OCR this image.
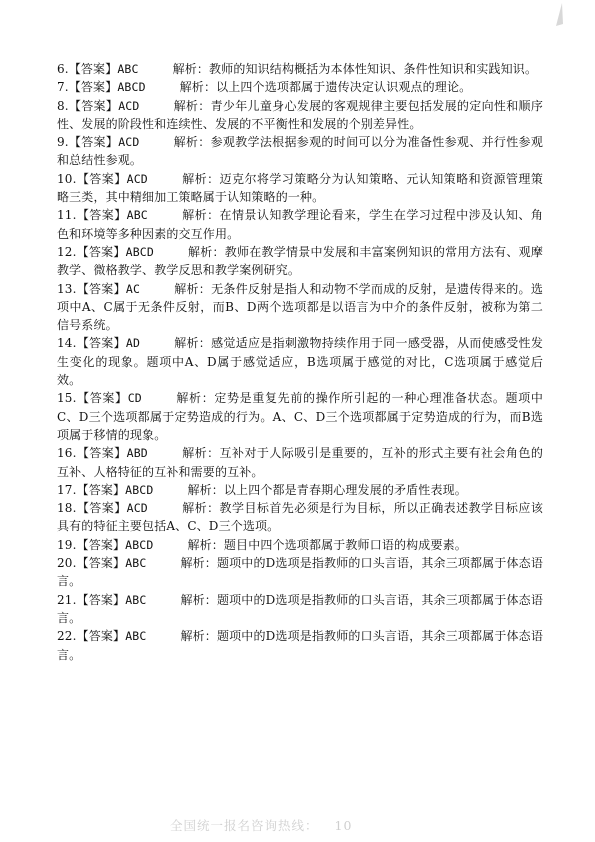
6.【答案】ABC	解析：教师的知识结构概括为本体性知识、条件性知识和实践知识。

7.【答案】ABCD	解析：以上四个选项都属于遗传决定认识观点的理论。

8.【答案】ACD	解析：青少年儿童身心发展的客观规律主要包括发展的定向性和顺序性、发展的阶段性和连续性、发展的不平衡性和发展的个别差异性。

9.【答案】ACD	解析：参观教学法根据参观的时间可以分为准备性参观、并行性参观和总结性参观。

10.【答案】ACD	解析：迈克尔将学习策略分为认知策略、元认知策略和资源管理策略三类，其中精细加工策略属于认知策略的一种。

11.【答案】ABC	解析：在情景认知教学理论看来，学生在学习过程中涉及认知、角色和环境等多种因素的交互作用。

12.【答案】ABCD	解析：教师在教学情景中发展和丰富案例知识的常用方法有、观摩教学、微格教学、教学反思和教学案例研究。

13.【答案】AC	解析：无条件反射是指人和动物不学而成的反射，是遗传得来的。选项中A、C属于无条件反射，而B、D两个选项都是以语言为中介的条件反射，被称为第二信号系统。

14.【答案】AD	解析：感觉适应是指刺激物持续作用于同一感受器，从而使感受性发生变化的现象。题项中A、D属于感觉适应，B选项属于感觉的对比，C选项属于感觉后效。

15.【答案】CD	解析：定势是重复先前的操作所引起的一种心理准备状态。题项中C、D三个选项都属于定势造成的行为。A、C、D三个选项都属于定势造成的行为，而B选项属于移情的现象。

16.【答案】ABD	解析：互补对于人际吸引是重要的，互补的形式主要有社会角色的互补、人格特征的互补和需要的互补。

17.【答案】ABCD	解析：以上四个都是青春期心理发展的矛盾性表现。

18.【答案】ACD	解析：教学目标首先必须是行为目标，所以正确表述教学目标应该具有的特征主要包括A、C、D三个选项。

19.【答案】ABCD	解析：题目中四个选项都属于教师口语的构成要素。

20.【答案】ABC	解析：题项中的D选项是指教师的口头言语，其余三项都属于体态语言。

21.【答案】ABC	解析：题项中的D选项是指教师的口头言语，其余三项都属于体态语言。

22.【答案】ABC	解析：题项中的D选项是指教师的口头言语，其余三项都属于体态语言。

全国统一报名咨询热线： 10
